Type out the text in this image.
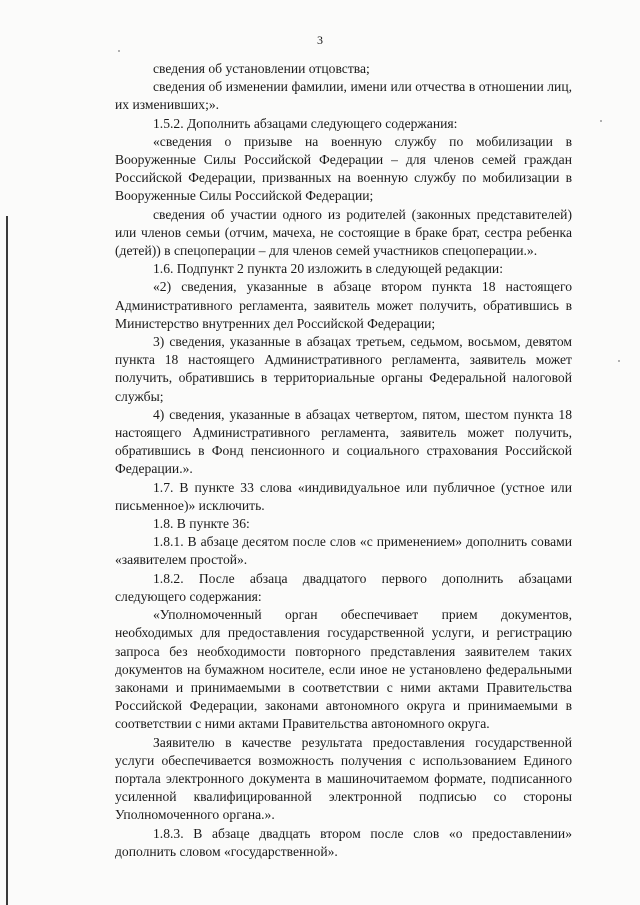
3

сведения об установлении отцовства;

сведения об изменении фамилии, имени или отчества в отношении лиц, их изменивших;».

1.5.2. Дополнить абзацами следующего содержания:

«сведения о призыве на военную службу по мобилизации в Вооруженные Силы Российской Федерации – для членов семей граждан Российской Федерации, призванных на военную службу по мобилизации в Вооруженные Силы Российской Федерации;

сведения об участии одного из родителей (законных представителей) или членов семьи (отчим, мачеха, не состоящие в браке брат, сестра ребенка (детей)) в спецоперации – для членов семей участников спецоперации.».

1.6. Подпункт 2 пункта 20 изложить в следующей редакции:

«2) сведения, указанные в абзаце втором пункта 18 настоящего Административного регламента, заявитель может получить, обратившись в Министерство внутренних дел Российской Федерации;

3) сведения, указанные в абзацах третьем, седьмом, восьмом, девятом пункта 18 настоящего Административного регламента, заявитель может получить, обратившись в территориальные органы Федеральной налоговой службы;

4) сведения, указанные в абзацах четвертом, пятом, шестом пункта 18 настоящего Административного регламента, заявитель может получить, обратившись в Фонд пенсионного и социального страхования Российской Федерации.».

1.7. В пункте 33 слова «индивидуальное или публичное (устное или письменное)» исключить.

1.8. В пункте 36:

1.8.1. В абзаце десятом после слов «с применением» дополнить совами «заявителем простой».

1.8.2. После абзаца двадцатого первого дополнить абзацами следующего содержания:

«Уполномоченный орган обеспечивает прием документов, необходимых для предоставления государственной услуги, и регистрацию запроса без необходимости повторного представления заявителем таких документов на бумажном носителе, если иное не установлено федеральными законами и принимаемыми в соответствии с ними актами Правительства Российской Федерации, законами автономного округа и принимаемыми в соответствии с ними актами Правительства автономного округа.

Заявителю в качестве результата предоставления государственной услуги обеспечивается возможность получения с использованием Единого портала электронного документа в машиночитаемом формате, подписанного усиленной квалифицированной электронной подписью со стороны Уполномоченного органа.».

1.8.3. В абзаце двадцать втором после слов «о предоставлении» дополнить словом «государственной».
